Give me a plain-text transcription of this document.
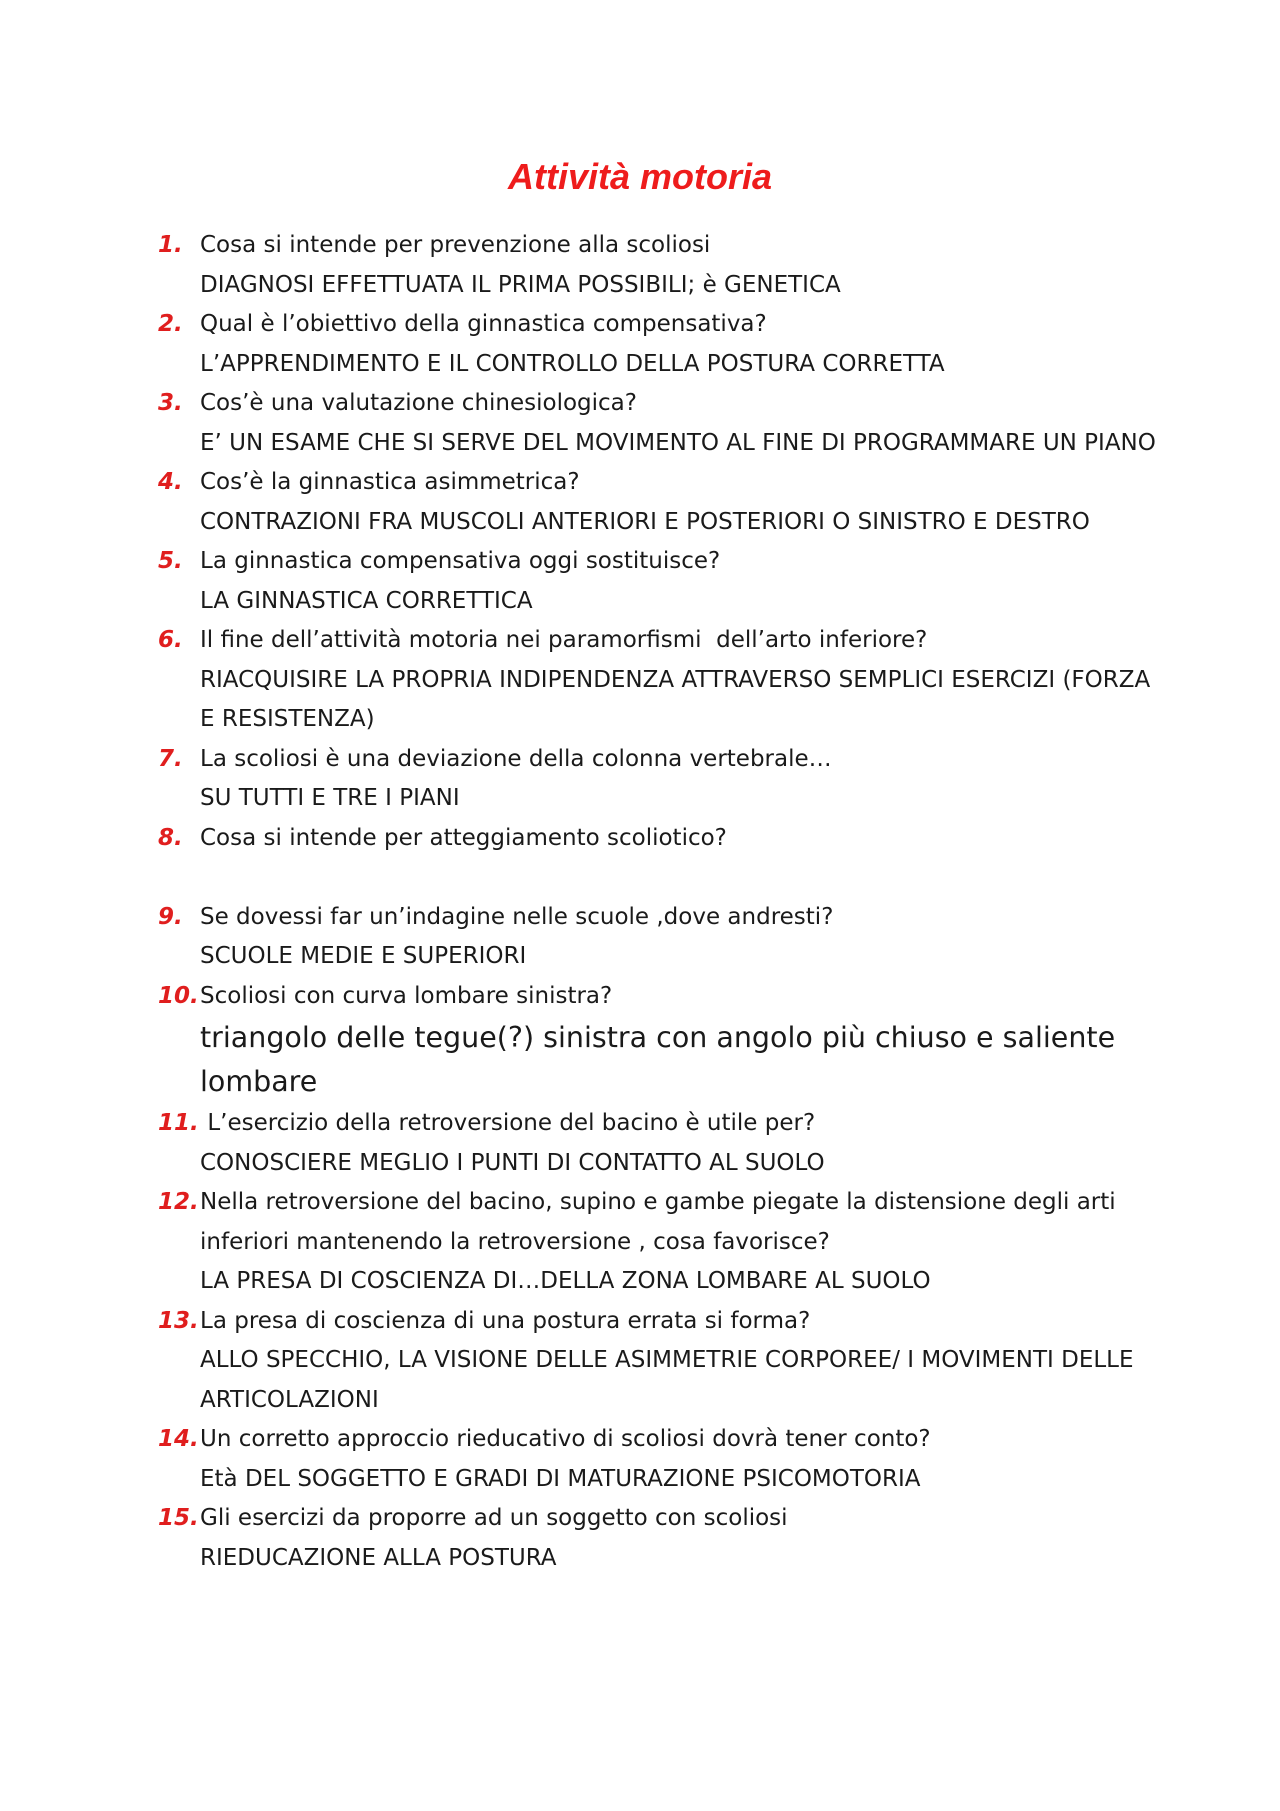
Attività motoria
1. Cosa si intende per prevenzione alla scoliosi
DIAGNOSI EFFETTUATA IL PRIMA POSSIBILI; è GENETICA
2. Qual è l’obiettivo della ginnastica compensativa?
L’APPRENDIMENTO E IL CONTROLLO DELLA POSTURA CORRETTA
3. Cos’è una valutazione chinesiologica?
E’ UN ESAME CHE SI SERVE DEL MOVIMENTO AL FINE DI PROGRAMMARE UN PIANO
4. Cos’è la ginnastica asimmetrica?
CONTRAZIONI FRA MUSCOLI ANTERIORI E POSTERIORI O SINISTRO E DESTRO
5. La ginnastica compensativa oggi sostituisce?
LA GINNASTICA CORRETTICA
6. Il fine dell’attività motoria nei paramorfismi  dell’arto inferiore?
RIACQUISIRE LA PROPRIA INDIPENDENZA ATTRAVERSO SEMPLICI ESERCIZI (FORZA E RESISTENZA)
7. La scoliosi è una deviazione della colonna vertebrale…
SU TUTTI E TRE I PIANI
8. Cosa si intende per atteggiamento scoliotico?
9. Se dovessi far un’indagine nelle scuole ,dove andresti?
SCUOLE MEDIE E SUPERIORI
10. Scoliosi con curva lombare sinistra?
triangolo delle tegue(?) sinistra con angolo più chiuso e saliente lombare
11. L’esercizio della retroversione del bacino è utile per?
CONOSCIERE MEGLIO I PUNTI DI CONTATTO AL SUOLO
12. Nella retroversione del bacino, supino e gambe piegate la distensione degli arti inferiori mantenendo la retroversione , cosa favorisce?
LA PRESA DI COSCIENZA DI…DELLA ZONA LOMBARE AL SUOLO
13. La presa di coscienza di una postura errata si forma?
ALLO SPECCHIO, LA VISIONE DELLE ASIMMETRIE CORPOREE/ I MOVIMENTI DELLE ARTICOLAZIONI
14. Un corretto approccio rieducativo di scoliosi dovrà tener conto?
Età DEL SOGGETTO E GRADI DI MATURAZIONE PSICOMOTORIA
15. Gli esercizi da proporre ad un soggetto con scoliosi
RIEDUCAZIONE ALLA POSTURA
